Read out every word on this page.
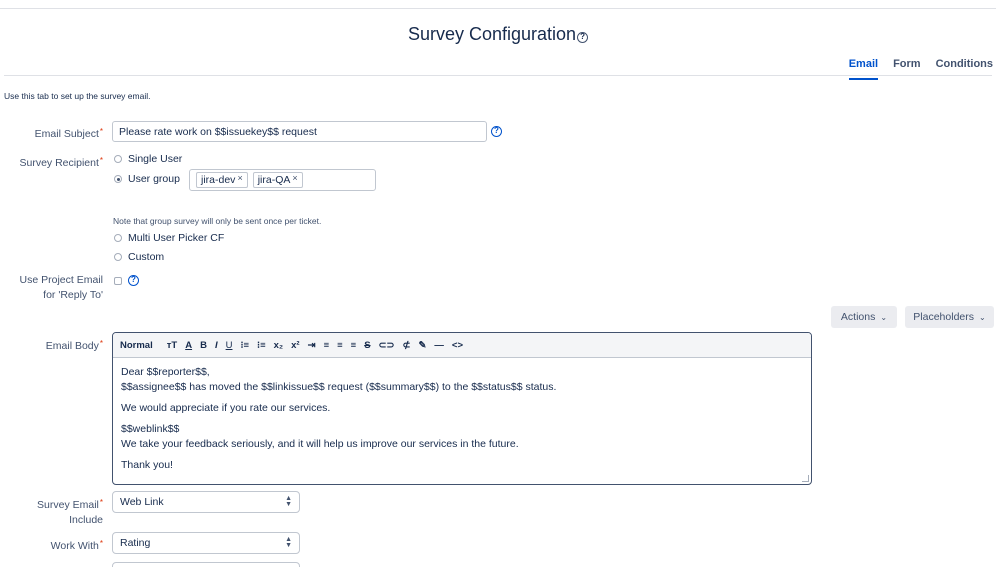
Survey Configuration ?
Email Form Conditions
Use this tab to set up the survey email.
Email Subject* Please rate work on $$issuekey$$ request	?
Survey Recipient* Single User
User group jira-dev × jira-QA ×
Note that group survey will only be sent once per ticket.
Multi User Picker CF
Custom
Use Project Email
for 'Reply To'
?
Actions ⌄ Placeholders ⌄
Email Body* Normal тT A B I U ⁝≡ ⁝≡ x₂ x² ⇥ ≡ ≡ ≡ S ⊂⊃ ⊄ ✎ — <>
Dear $$reporter$$,
$$assignee$$ has moved the $$linkissue$$ request ($$summary$$) to the $$status$$ status.
We would appreciate if you rate our services.
$$weblink$$
We take your feedback seriously, and it will help us improve our services in the future.
Thank you!
Survey Email*
Include
Web Link	▲
▼
Work With* Rating	▲
▼
